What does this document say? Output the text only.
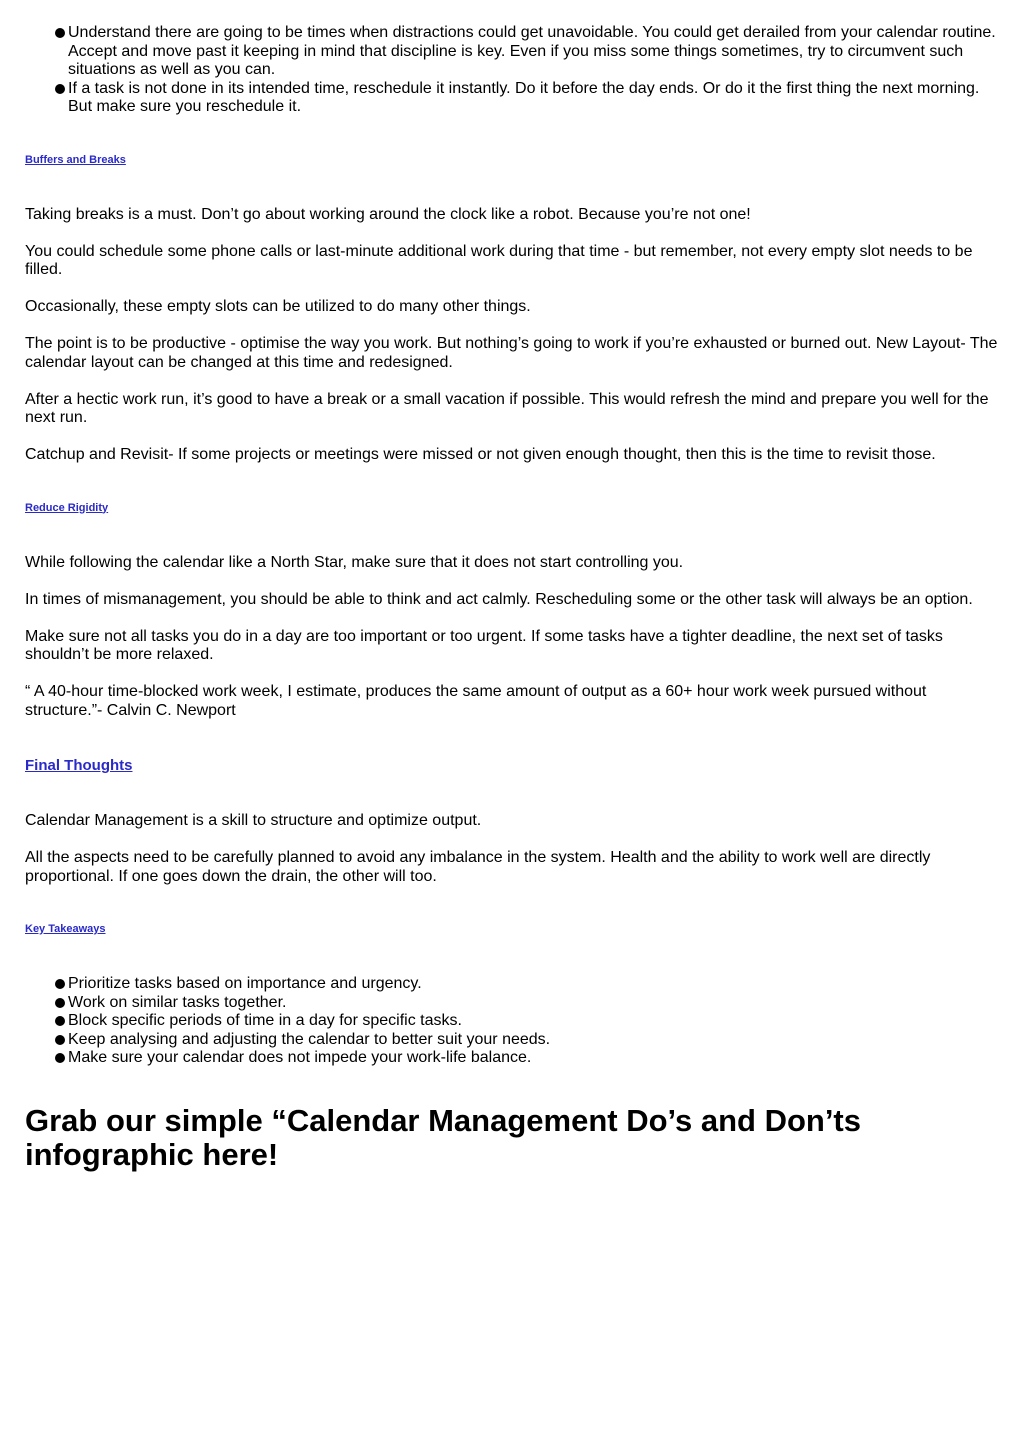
Understand there are going to be times when distractions could get unavoidable. You could get derailed from your calendar routine. Accept and move past it keeping in mind that discipline is key. Even if you miss some things sometimes, try to circumvent such situations as well as you can.
If a task is not done in its intended time, reschedule it instantly. Do it before the day ends. Or do it the first thing the next morning. But make sure you reschedule it.
Buffers and Breaks

Taking breaks is a must. Don’t go about working around the clock like a robot. Because you’re not one!

You could schedule some phone calls or last-minute additional work during that time - but remember, not every empty slot needs to be filled.

Occasionally, these empty slots can be utilized to do many other things.

The point is to be productive - optimise the way you work. But nothing’s going to work if you’re exhausted or burned out. New Layout- The calendar layout can be changed at this time and redesigned.

After a hectic work run, it’s good to have a break or a small vacation if possible. This would refresh the mind and prepare you well for the next run.

Catchup and Revisit- If some projects or meetings were missed or not given enough thought, then this is the time to revisit those.

Reduce Rigidity

While following the calendar like a North Star, make sure that it does not start controlling you.

In times of mismanagement, you should be able to think and act calmly. Rescheduling some or the other task will always be an option.

Make sure not all tasks you do in a day are too important or too urgent. If some tasks have a tighter deadline, the next set of tasks shouldn’t be more relaxed.

“ A 40-hour time-blocked work week, I estimate, produces the same amount of output as a 60+ hour work week pursued without structure.”- Calvin C. Newport

Final Thoughts

Calendar Management is a skill to structure and optimize output.

All the aspects need to be carefully planned to avoid any imbalance in the system. Health and the ability to work well are directly proportional. If one goes down the drain, the other will too.

Key Takeaways
Prioritize tasks based on importance and urgency.
Work on similar tasks together.
Block specific periods of time in a day for specific tasks.
Keep analysing and adjusting the calendar to better suit your needs.
Make sure your calendar does not impede your work-life balance.
Grab our simple “Calendar Management Do’s and Don’ts infographic here!
